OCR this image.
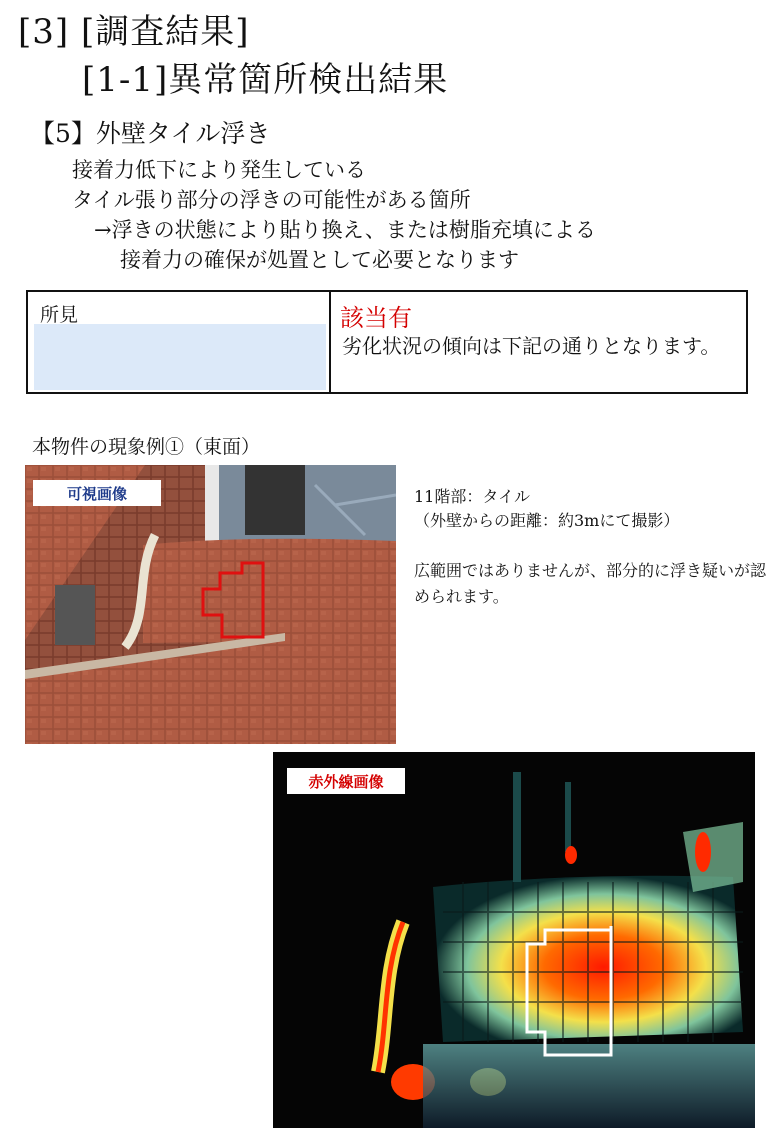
[3] [調査結果]
[1-1]異常箇所検出結果
【5】外壁タイル浮き
接着力低下により発生している
タイル張り部分の浮きの可能性がある箇所
→浮きの状態により貼り換え、または樹脂充填による
接着力の確保が処置として必要となります
所見	該当有
劣化状況の傾向は下記の通りとなります。
本物件の現象例①（東面）
可視画像	11階部：タイル
（外壁からの距離：約3mにて撮影）
広範囲ではありませんが、部分的に浮き疑いが認められます。
赤外線画像
